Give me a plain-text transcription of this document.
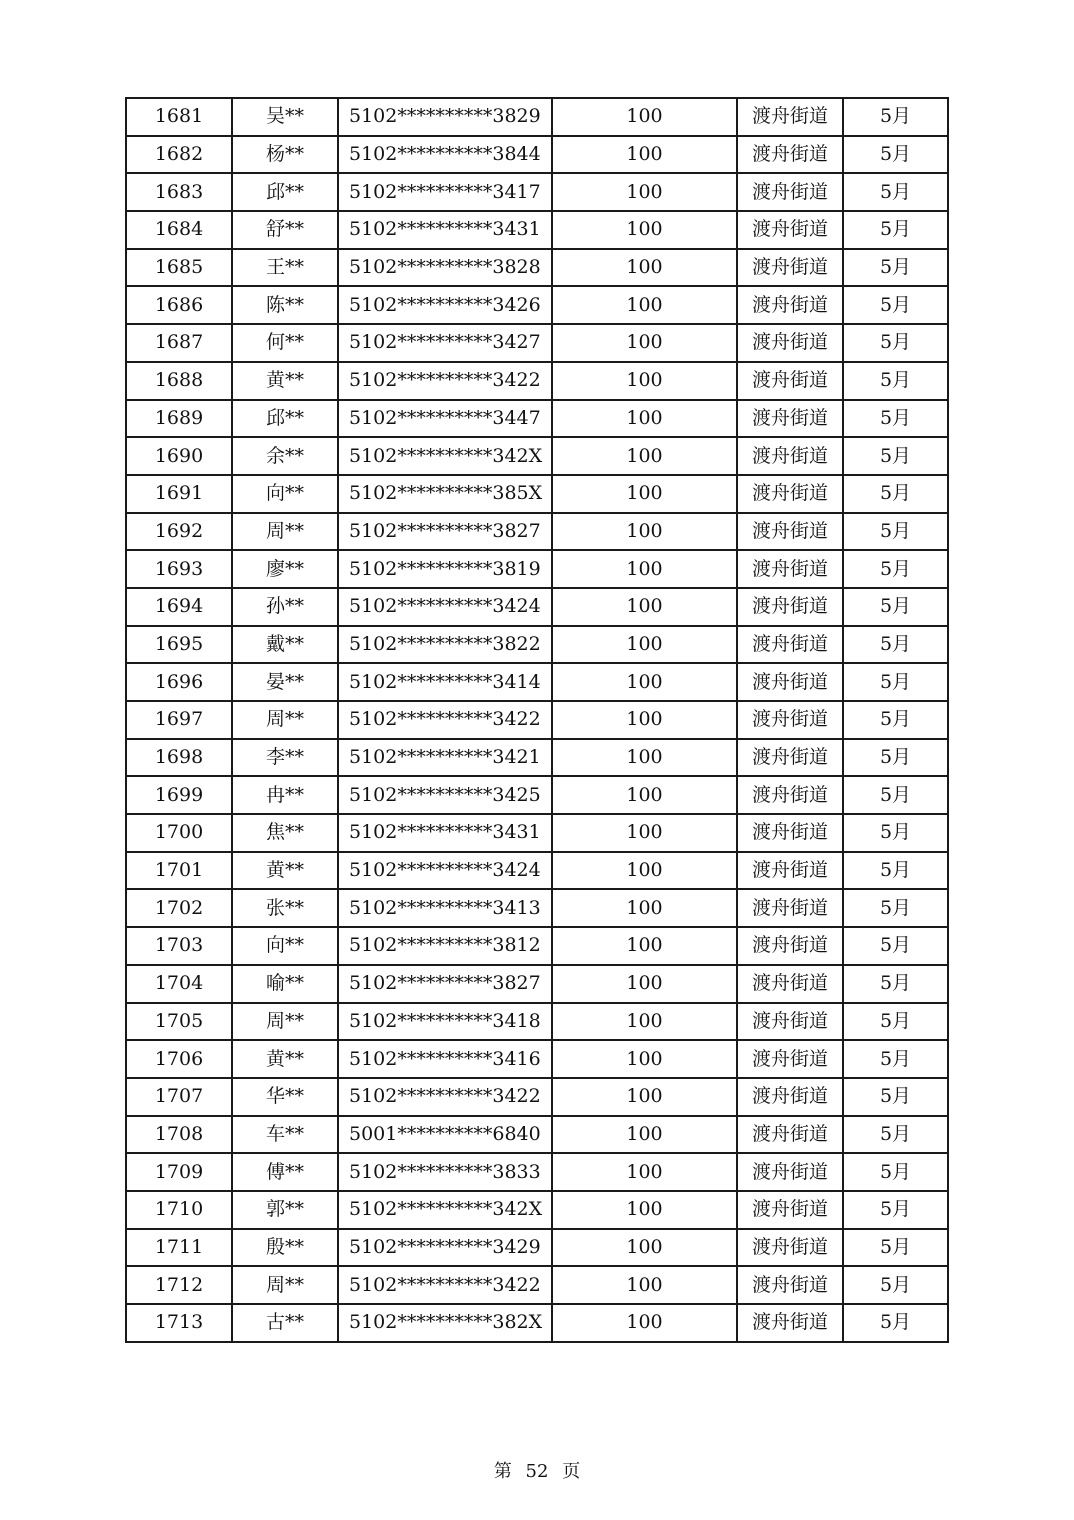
1681	吴**	5102**********3829	100	渡舟街道	5月
1682	杨**	5102**********3844	100	渡舟街道	5月
1683	邱**	5102**********3417	100	渡舟街道	5月
1684	舒**	5102**********3431	100	渡舟街道	5月
1685	王**	5102**********3828	100	渡舟街道	5月
1686	陈**	5102**********3426	100	渡舟街道	5月
1687	何**	5102**********3427	100	渡舟街道	5月
1688	黄**	5102**********3422	100	渡舟街道	5月
1689	邱**	5102**********3447	100	渡舟街道	5月
1690	余**	5102**********342X	100	渡舟街道	5月
1691	向**	5102**********385X	100	渡舟街道	5月
1692	周**	5102**********3827	100	渡舟街道	5月
1693	廖**	5102**********3819	100	渡舟街道	5月
1694	孙**	5102**********3424	100	渡舟街道	5月
1695	戴**	5102**********3822	100	渡舟街道	5月
1696	晏**	5102**********3414	100	渡舟街道	5月
1697	周**	5102**********3422	100	渡舟街道	5月
1698	李**	5102**********3421	100	渡舟街道	5月
1699	冉**	5102**********3425	100	渡舟街道	5月
1700	焦**	5102**********3431	100	渡舟街道	5月
1701	黄**	5102**********3424	100	渡舟街道	5月
1702	张**	5102**********3413	100	渡舟街道	5月
1703	向**	5102**********3812	100	渡舟街道	5月
1704	喻**	5102**********3827	100	渡舟街道	5月
1705	周**	5102**********3418	100	渡舟街道	5月
1706	黄**	5102**********3416	100	渡舟街道	5月
1707	华**	5102**********3422	100	渡舟街道	5月
1708	车**	5001**********6840	100	渡舟街道	5月
1709	傅**	5102**********3833	100	渡舟街道	5月
1710	郭**	5102**********342X	100	渡舟街道	5月
1711	殷**	5102**********3429	100	渡舟街道	5月
1712	周**	5102**********3422	100	渡舟街道	5月
1713	古**	5102**********382X	100	渡舟街道	5月
第 52 页
